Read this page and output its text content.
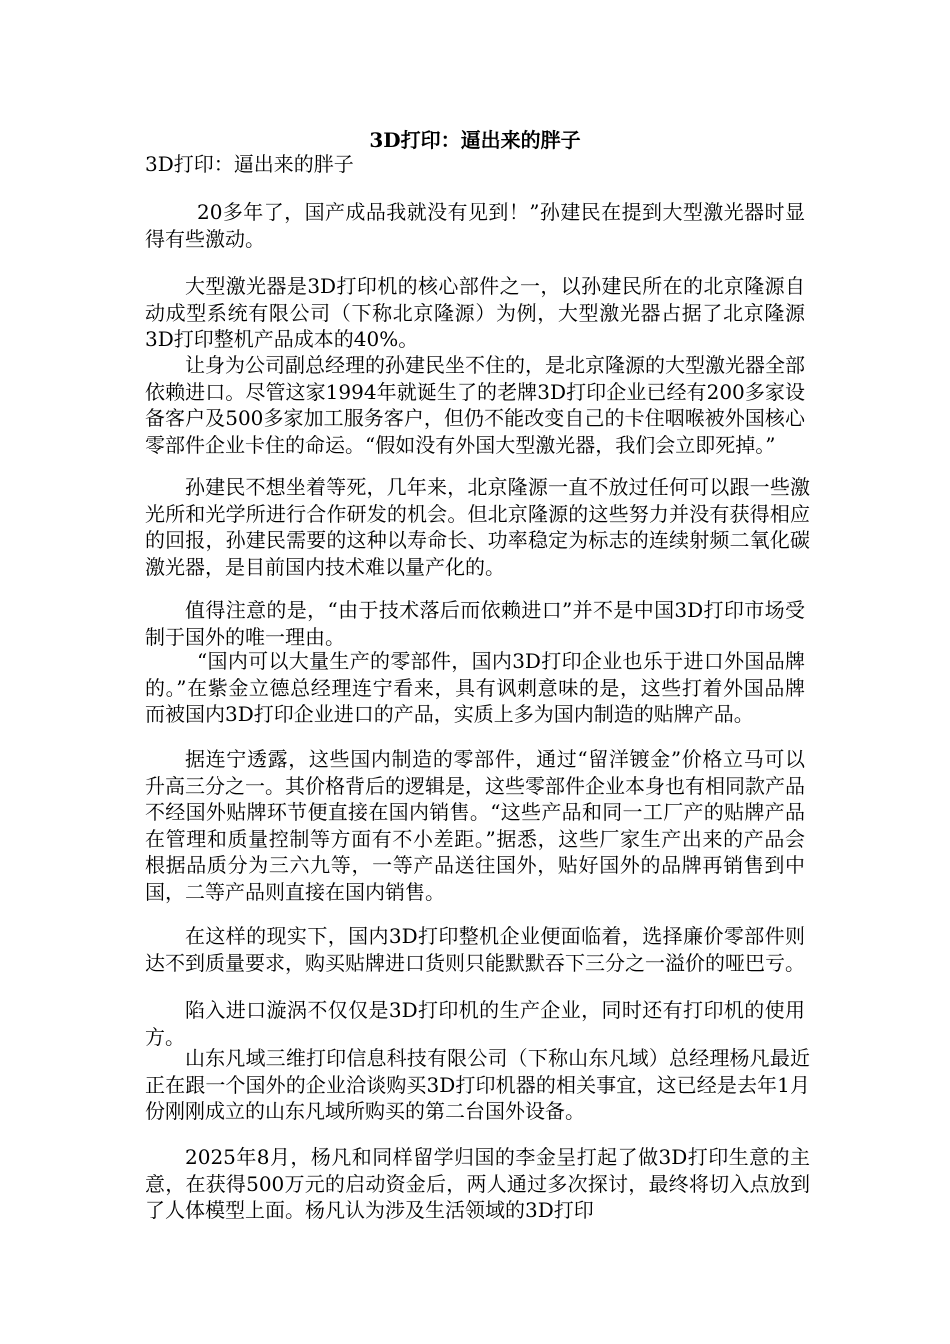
3D打印：逼出来的胖子
3D打印：逼出来的胖子

20多年了，国产成品我就没有见到！”孙建民在提到大型激光器时显得有些激动。

大型激光器是3D打印机的核心部件之一，以孙建民所在的北京隆源自动成型系统有限公司（下称北京隆源）为例，大型激光器占据了北京隆源3D打印整机产品成本的40%。

让身为公司副总经理的孙建民坐不住的，是北京隆源的大型激光器全部依赖进口。尽管这家1994年就诞生了的老牌3D打印企业已经有200多家设备客户及500多家加工服务客户，但仍不能改变自己的卡住咽喉被外国核心零部件企业卡住的命运。“假如没有外国大型激光器，我们会立即死掉。”

孙建民不想坐着等死，几年来，北京隆源一直不放过任何可以跟一些激光所和光学所进行合作研发的机会。但北京隆源的这些努力并没有获得相应的回报，孙建民需要的这种以寿命长、功率稳定为标志的连续射频二氧化碳激光器，是目前国内技术难以量产化的。

值得注意的是，“由于技术落后而依赖进口”并不是中国3D打印市场受制于国外的唯一理由。

“国内可以大量生产的零部件，国内3D打印企业也乐于进口外国品牌的。”在紫金立德总经理连宁看来，具有讽刺意味的是，这些打着外国品牌而被国内3D打印企业进口的产品，实质上多为国内制造的贴牌产品。

据连宁透露，这些国内制造的零部件，通过“留洋镀金”价格立马可以升高三分之一。其价格背后的逻辑是，这些零部件企业本身也有相同款产品不经国外贴牌环节便直接在国内销售。“这些产品和同一工厂产的贴牌产品在管理和质量控制等方面有不小差距。”据悉，这些厂家生产出来的产品会根据品质分为三六九等，一等产品送往国外，贴好国外的品牌再销售到中国，二等产品则直接在国内销售。

在这样的现实下，国内3D打印整机企业便面临着，选择廉价零部件则达不到质量要求，购买贴牌进口货则只能默默吞下三分之一溢价的哑巴亏。

陷入进口漩涡不仅仅是3D打印机的生产企业，同时还有打印机的使用方。

山东凡域三维打印信息科技有限公司（下称山东凡域）总经理杨凡最近正在跟一个国外的企业洽谈购买3D打印机器的相关事宜，这已经是去年1月份刚刚成立的山东凡域所购买的第二台国外设备。

2025年8月，杨凡和同样留学归国的李金呈打起了做3D打印生意的主意，在获得500万元的启动资金后，两人通过多次探讨，最终将切入点放到了人体模型上面。杨凡认为涉及生活领域的3D打印
